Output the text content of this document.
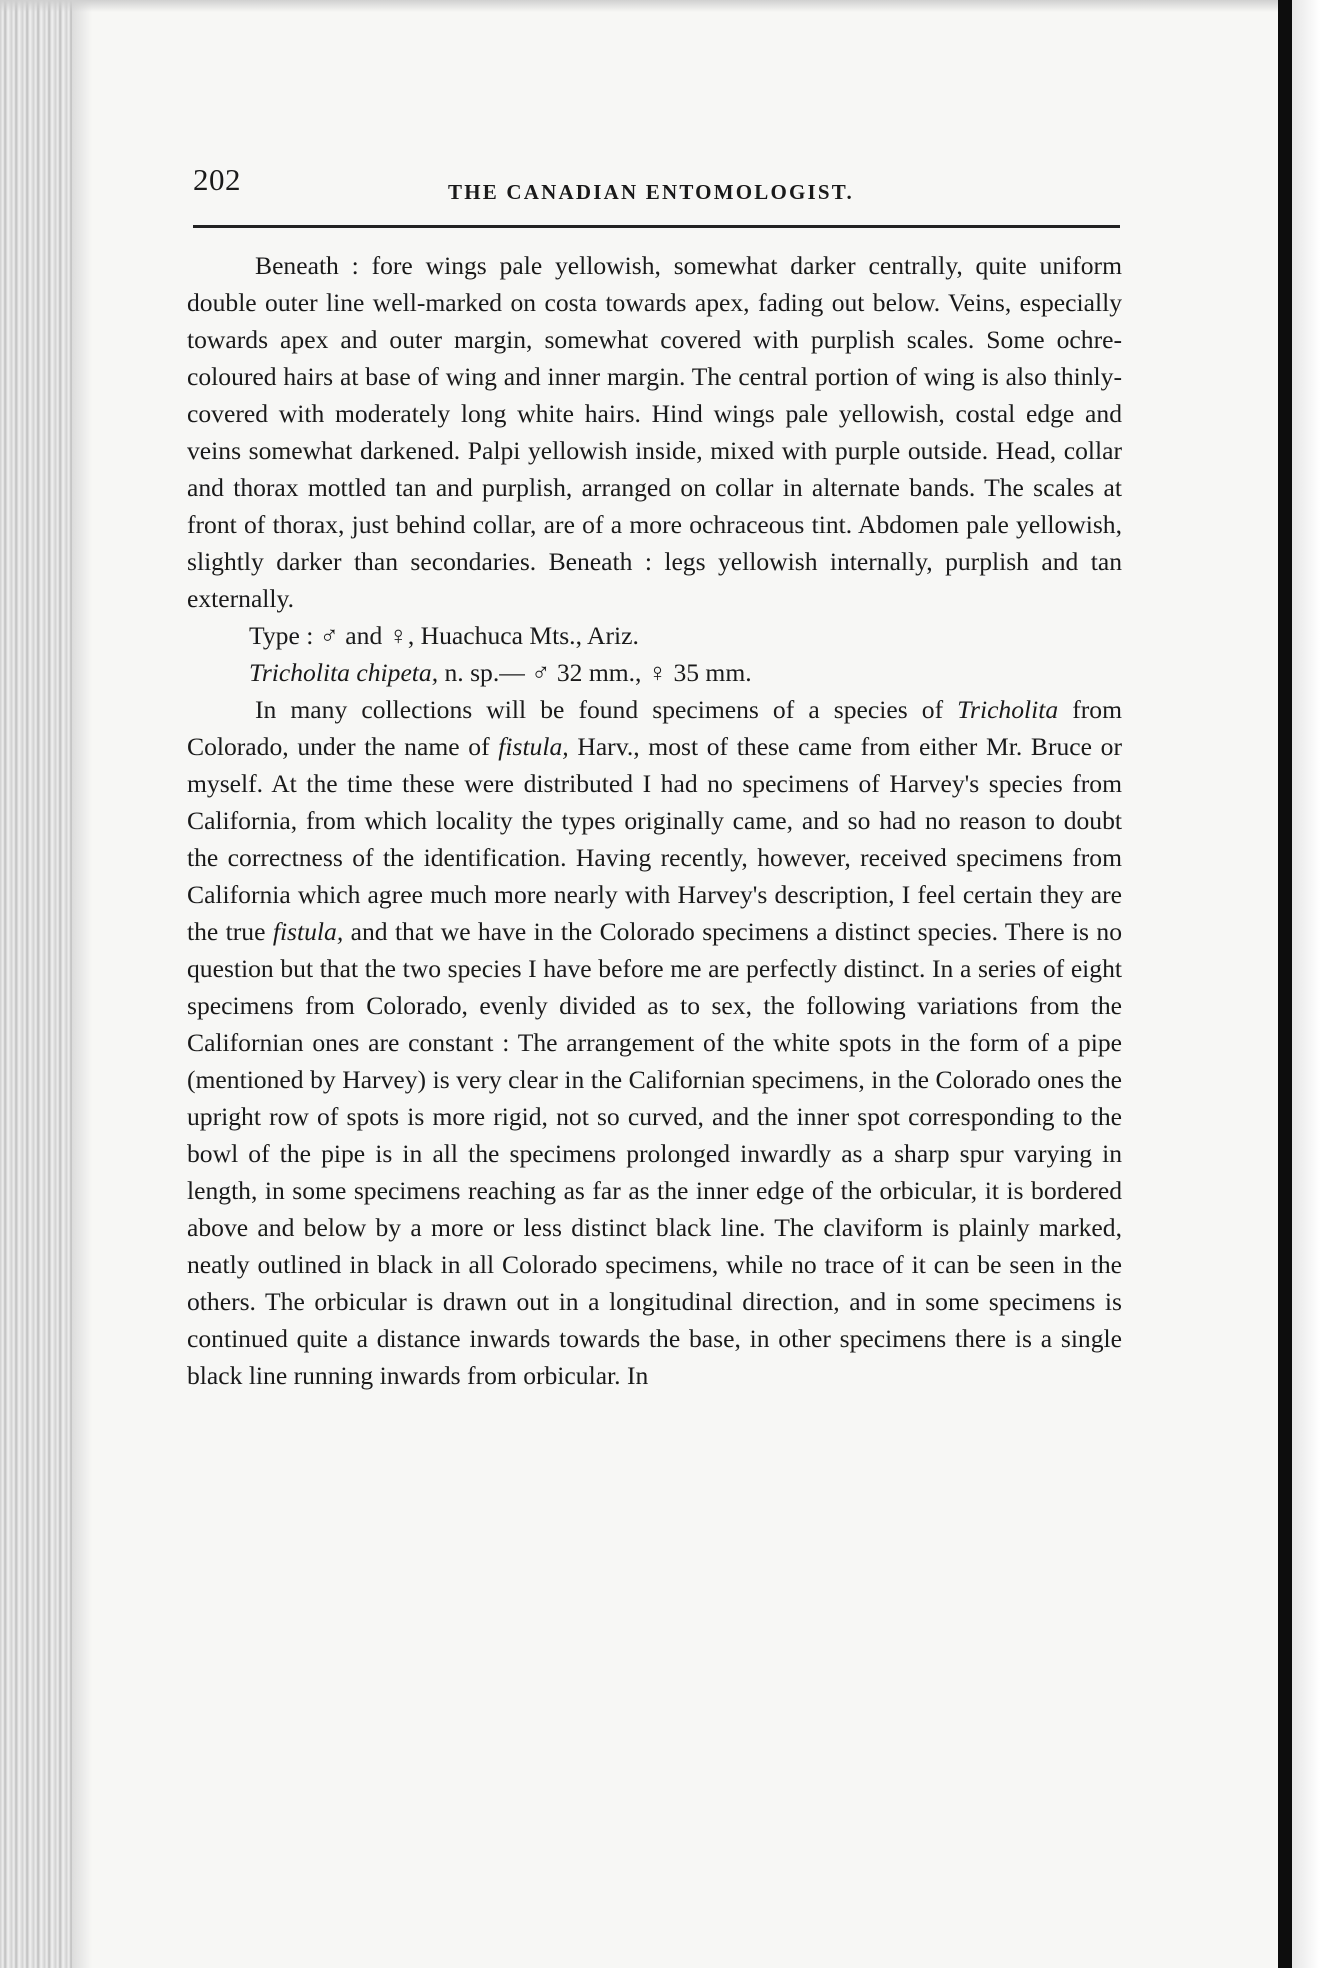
202	THE CANADIAN ENTOMOLOGIST.

Beneath : fore wings pale yellowish, somewhat darker centrally, quite uniform double outer line well-marked on costa towards apex, fading out below. Veins, especially towards apex and outer margin, somewhat covered with purplish scales. Some ochre-coloured hairs at base of wing and inner margin. The central portion of wing is also thinly-covered with moderately long white hairs. Hind wings pale yellowish, costal edge and veins somewhat darkened. Palpi yellowish inside, mixed with purple outside. Head, collar and thorax mottled tan and purplish, arranged on collar in alternate bands. The scales at front of thorax, just behind collar, are of a more ochraceous tint. Abdomen pale yellowish, slightly darker than secondaries. Beneath : legs yellowish internally, purplish and tan externally.

Type : ♂ and ♀, Huachuca Mts., Ariz.

Tricholita chipeta, n. sp.— ♂ 32 mm., ♀ 35 mm.

In many collections will be found specimens of a species of Tricholita from Colorado, under the name of fistula, Harv., most of these came from either Mr. Bruce or myself. At the time these were distributed I had no specimens of Harvey's species from California, from which locality the types originally came, and so had no reason to doubt the correctness of the identification. Having recently, however, received specimens from California which agree much more nearly with Harvey's description, I feel certain they are the true fistula, and that we have in the Colorado specimens a distinct species. There is no question but that the two species I have before me are perfectly distinct. In a series of eight specimens from Colorado, evenly divided as to sex, the following variations from the Californian ones are constant : The arrangement of the white spots in the form of a pipe (mentioned by Harvey) is very clear in the Californian specimens, in the Colorado ones the upright row of spots is more rigid, not so curved, and the inner spot corresponding to the bowl of the pipe is in all the specimens prolonged inwardly as a sharp spur varying in length, in some specimens reaching as far as the inner edge of the orbicular, it is bordered above and below by a more or less distinct black line. The claviform is plainly marked, neatly outlined in black in all Colorado specimens, while no trace of it can be seen in the others. The orbicular is drawn out in a longitudinal direction, and in some specimens is continued quite a distance inwards towards the base, in other specimens there is a single black line running inwards from orbicular. In
